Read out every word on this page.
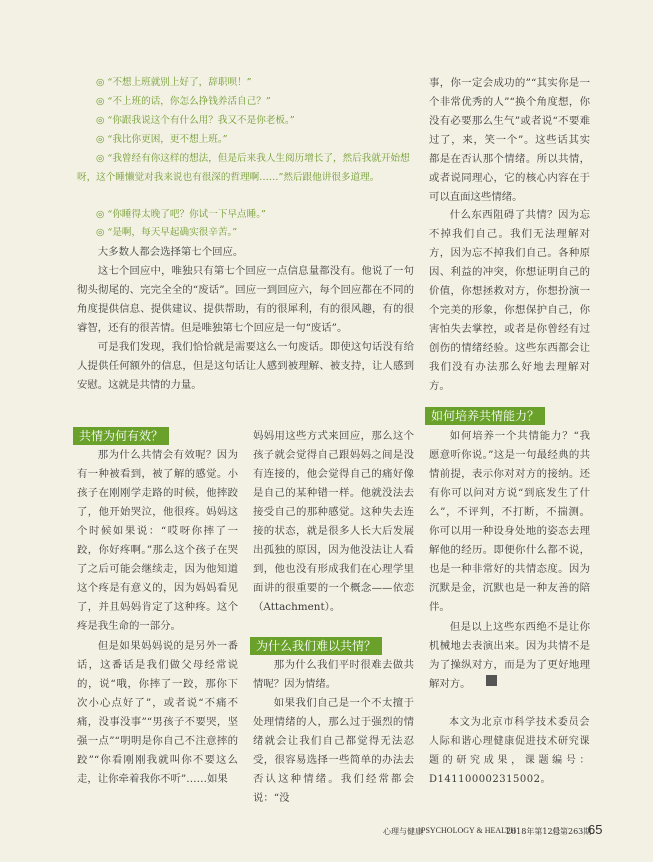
◎ “不想上班就别上好了，辞职呗！”
◎ “不上班的话，你怎么挣钱养活自己？”
◎ “你跟我说这个有什么用？我又不是你老板。”
◎ “我比你更困，更不想上班。”
◎ “我曾经有你这样的想法，但是后来我人生阅历增长了，然后我就开始想呀，这个睡懒觉对我来说也有很深的哲理啊……”然后跟他讲很多道理。
◎ “你睡得太晚了吧？你试一下早点睡。”
◎ “是啊，每天早起确实很辛苦。”
大多数人都会选择第七个回应。
这七个回应中，唯独只有第七个回应一点信息量都没有。他说了一句彻头彻尾的、完完全全的“废话”。回应一到回应六，每个回应都在不同的角度提供信息、提供建议、提供帮助，有的很犀利，有的很风趣，有的很睿智，还有的很苦情。但是唯独第七个回应是一句“废话”。
可是我们发现，我们恰恰就是需要这么一句废话。即使这句话没有给人提供任何额外的信息，但是这句话让人感到被理解、被支持，让人感到安慰。这就是共情的力量。
事，你一定会成功的”“其实你是一个非常优秀的人”“换个角度想，你没有必要那么生气”或者说“不要难过了，来，笑一个”。这些话其实都是在否认那个情绪。所以共情，或者说同理心，它的核心内容在于可以直面这些情绪。
什么东西阻碍了共情？因为忘不掉我们自己。我们无法理解对方，因为忘不掉我们自己。各种原因、利益的冲突，你想证明自己的价值，你想拯救对方，你想扮演一个完美的形象，你想保护自己，你害怕失去掌控，或者是你曾经有过创伤的情绪经验。这些东西都会让我们没有办法那么好地去理解对方。
共情为何有效？
那为什么共情会有效呢？因为有一种被看到，被了解的感觉。小孩子在刚刚学走路的时候，他摔跤了，他开始哭泣，他很疼。妈妈这个时候如果说：“哎呀你摔了一跤，你好疼啊。”那么这个孩子在哭了之后可能会继续走，因为他知道这个疼是有意义的，因为妈妈看见了，并且妈妈肯定了这种疼。这个疼是我生命的一部分。
但是如果妈妈说的是另外一番话，这番话是我们做父母经常说的，说“哦，你摔了一跤，那你下次小心点好了”，或者说“不痛不痛，没事没事”“男孩子不要哭，坚强一点”“明明是你自己不注意摔的跤”“你看刚刚我就叫你不要这么走，让你牵着我你不听”……如果
妈妈用这些方式来回应，那么这个孩子就会觉得自己跟妈妈之间是没有连接的，他会觉得自己的痛好像是自己的某种错一样。他就没法去接受自己的那种感觉。这种失去连接的状态，就是很多人长大后发展出孤独的原因，因为他没法让人看到，他也没有形成我们在心理学里面讲的很重要的一个概念——依恋（Attachment）。
为什么我们难以共情？
那为什么我们平时很难去做共情呢？因为情绪。
如果我们自己是一个不太擅于处理情绪的人，那么过于强烈的情绪就会让我们自己都觉得无法忍受，很容易选择一些简单的办法去否认这种情绪。我们经常都会说：“没
如何培养共情能力？
如何培养一个共情能力？“我愿意听你说。”这是一句最经典的共情前提，表示你对对方的接纳。还有你可以问对方说“到底发生了什么”，不评判，不打断，不揣测。你可以用一种设身处地的姿态去理解他的经历。即便你什么都不说，也是一种非常好的共情态度。因为沉默是金，沉默也是一种友善的陪伴。
但是以上这些东西绝不是让你机械地去表演出来。因为共情不是为了操纵对方，而是为了更好地理解对方。
本文为北京市科学技术委员会人际和谐心理健康促进技术研究课题的研究成果，课题编号：D141100002315002。
心理与健康
PSYCHOLOGY & HEALTH
2018年第12号
总第263期
65
